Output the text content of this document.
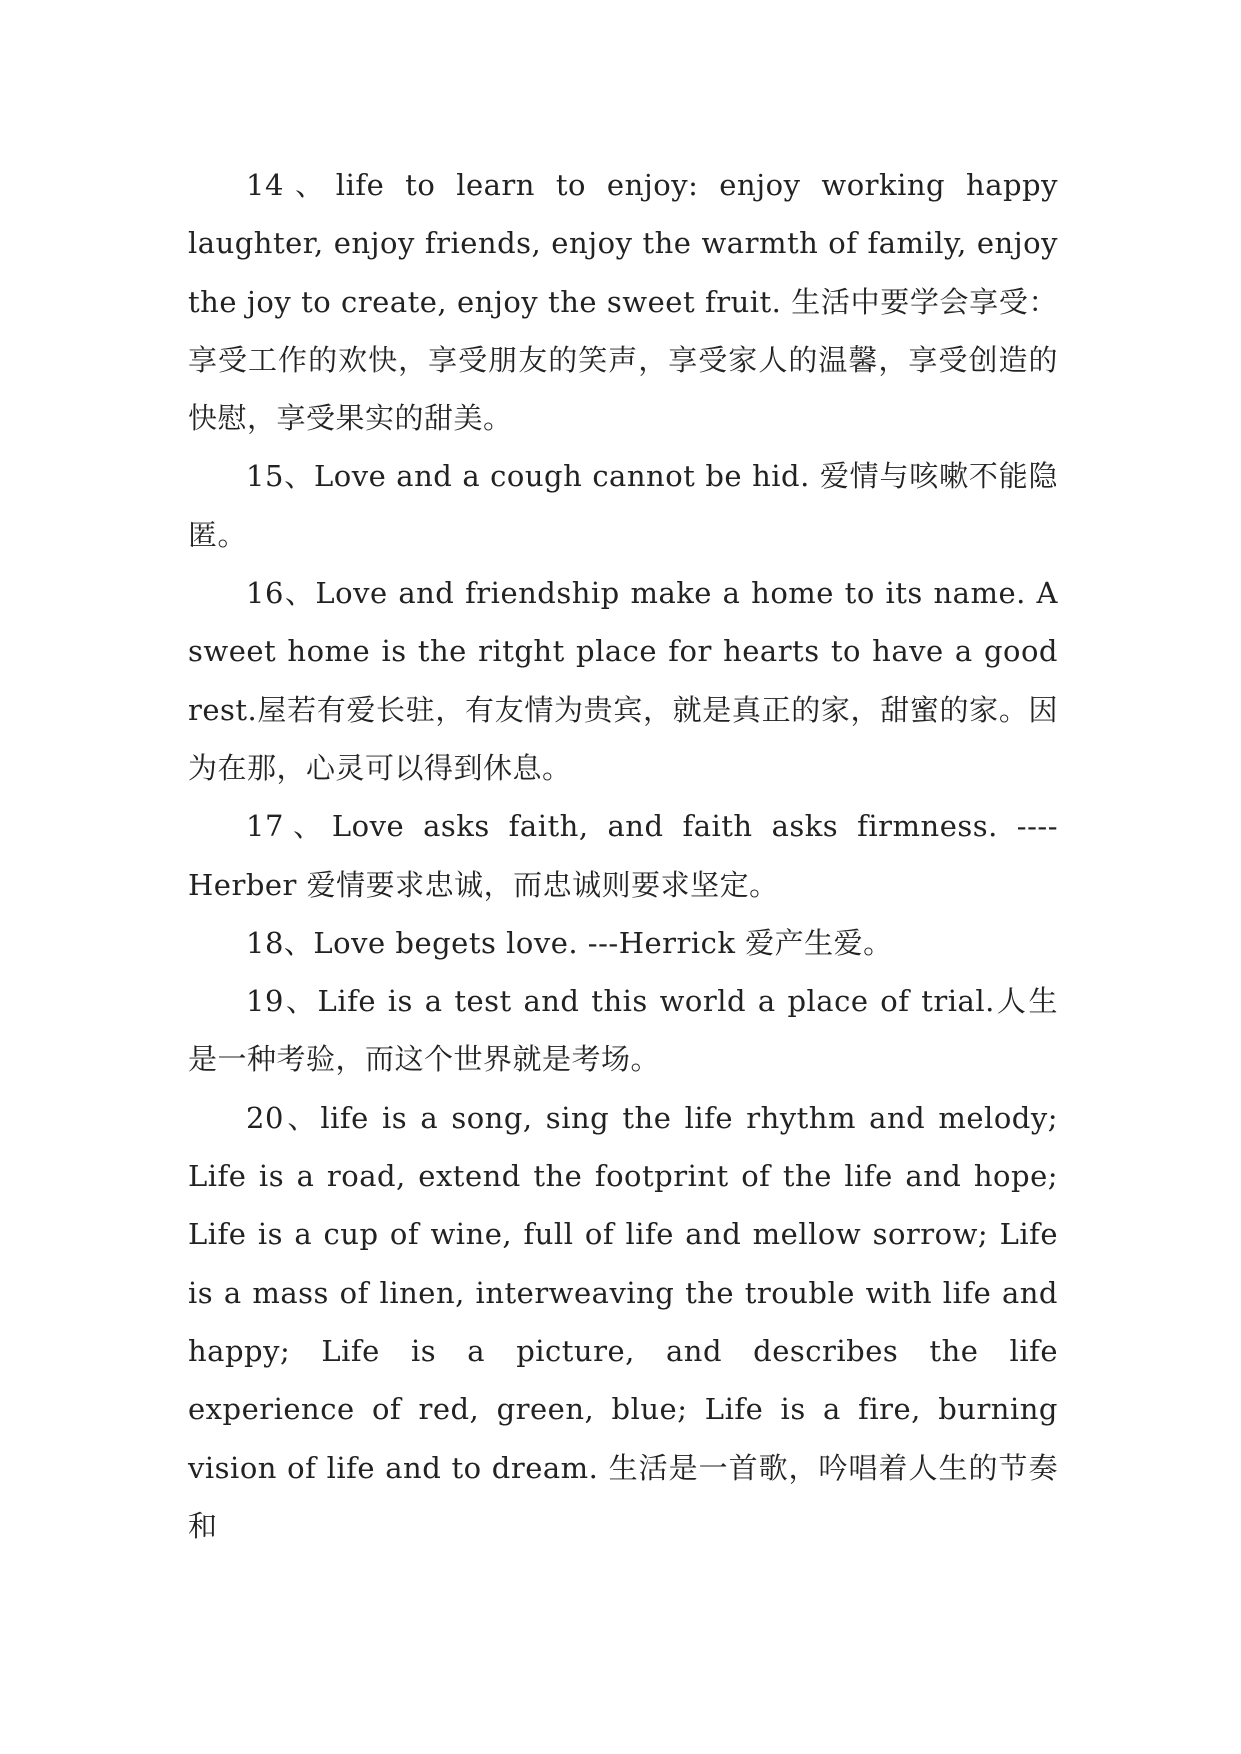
14、life to learn to enjoy: enjoy working happy laughter, enjoy friends, enjoy the warmth of family, enjoy the joy to create, enjoy the sweet fruit. 生活中要学会享受：享受工作的欢快，享受朋友的笑声，享受家人的温馨，享受创造的快慰，享受果实的甜美。

15、Love and a cough cannot be hid. 爱情与咳嗽不能隐匿。

16、Love and friendship make a home to its name. A sweet home is the ritght place for hearts to have a good rest.屋若有爱长驻，有友情为贵宾，就是真正的家，甜蜜的家。因为在那，心灵可以得到休息。

17、Love asks faith, and faith asks firmness. ----Herber 爱情要求忠诚，而忠诚则要求坚定。

18、Love begets love. ---Herrick 爱产生爱。

19、Life is a test and this world a place of trial.人生是一种考验，而这个世界就是考场。

20、life is a song, sing the life rhythm and melody; Life is a road, extend the footprint of the life and hope; Life is a cup of wine, full of life and mellow sorrow; Life is a mass of linen, interweaving the trouble with life and happy; Life is a picture, and describes the life experience of red, green, blue; Life is a fire, burning vision of life and to dream. 生活是一首歌，吟唱着人生的节奏和
